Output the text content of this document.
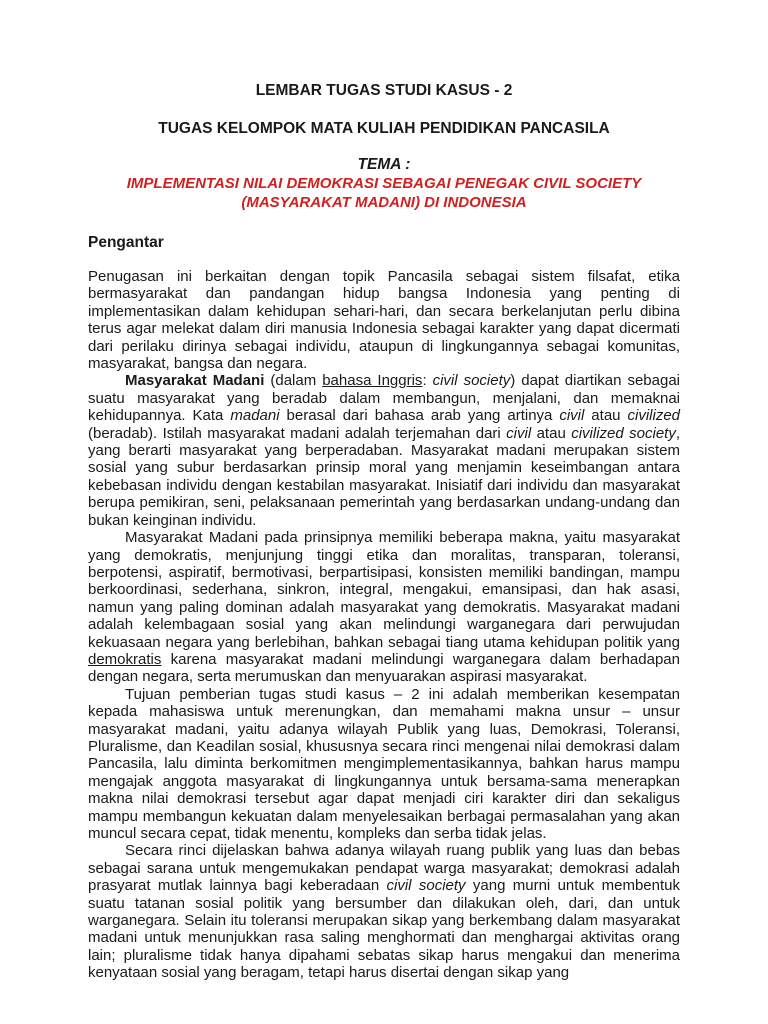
LEMBAR TUGAS STUDI KASUS - 2

TUGAS KELOMPOK MATA KULIAH PENDIDIKAN PANCASILA

TEMA :

IMPLEMENTASI NILAI DEMOKRASI SEBAGAI PENEGAK CIVIL SOCIETY

(MASYARAKAT MADANI) DI INDONESIA

Pengantar

Penugasan ini berkaitan dengan topik Pancasila sebagai sistem filsafat, etika bermasyarakat dan pandangan hidup bangsa Indonesia yang penting di implementasikan dalam kehidupan sehari-hari, dan secara berkelanjutan perlu dibina terus agar melekat dalam diri manusia Indonesia sebagai karakter yang dapat dicermati dari perilaku dirinya sebagai individu, ataupun di lingkungannya sebagai komunitas, masyarakat, bangsa dan negara.

Masyarakat Madani (dalam bahasa Inggris: civil society) dapat diartikan sebagai suatu masyarakat yang beradab dalam membangun, menjalani, dan memaknai kehidupannya. Kata madani berasal dari bahasa arab yang artinya civil atau civilized (beradab). Istilah masyarakat madani adalah terjemahan dari civil atau civilized society, yang berarti masyarakat yang berperadaban. Masyarakat madani merupakan sistem sosial yang subur berdasarkan prinsip moral yang menjamin keseimbangan antara kebebasan individu dengan kestabilan masyarakat. Inisiatif dari individu dan masyarakat berupa pemikiran, seni, pelaksanaan pemerintah yang berdasarkan undang-undang dan bukan keinginan individu.

Masyarakat Madani pada prinsipnya memiliki beberapa makna, yaitu masyarakat yang demokratis, menjunjung tinggi etika dan moralitas, transparan, toleransi, berpotensi, aspiratif, bermotivasi, berpartisipasi, konsisten memiliki bandingan, mampu berkoordinasi, sederhana, sinkron, integral, mengakui, emansipasi, dan hak asasi, namun yang paling dominan adalah masyarakat yang demokratis. Masyarakat madani adalah kelembagaan sosial yang akan melindungi warganegara dari perwujudan kekuasaan negara yang berlebihan, bahkan sebagai tiang utama kehidupan politik yang demokratis karena masyarakat madani melindungi warganegara dalam berhadapan dengan negara, serta merumuskan dan menyuarakan aspirasi masyarakat.

Tujuan pemberian tugas studi kasus – 2 ini adalah memberikan kesempatan kepada mahasiswa untuk merenungkan, dan memahami makna unsur – unsur masyarakat madani, yaitu adanya wilayah Publik yang luas, Demokrasi, Toleransi, Pluralisme, dan Keadilan sosial, khususnya secara rinci mengenai nilai demokrasi dalam Pancasila, lalu diminta berkomitmen mengimplementasikannya, bahkan harus mampu mengajak anggota masyarakat di lingkungannya untuk bersama-sama menerapkan makna nilai demokrasi tersebut agar dapat menjadi ciri karakter diri dan sekaligus mampu membangun kekuatan dalam menyelesaikan berbagai permasalahan yang akan muncul secara cepat, tidak menentu, kompleks dan serba tidak jelas.

Secara rinci dijelaskan bahwa adanya wilayah ruang publik yang luas dan bebas sebagai sarana untuk mengemukakan pendapat warga masyarakat; demokrasi adalah prasyarat mutlak lainnya bagi keberadaan civil society yang murni untuk membentuk suatu tatanan sosial politik yang bersumber dan dilakukan oleh, dari, dan untuk warganegara. Selain itu toleransi merupakan sikap yang berkembang dalam masyarakat madani untuk menunjukkan rasa saling menghormati dan menghargai aktivitas orang lain; pluralisme tidak hanya dipahami sebatas sikap harus mengakui dan menerima kenyataan sosial yang beragam, tetapi harus disertai dengan sikap yang
